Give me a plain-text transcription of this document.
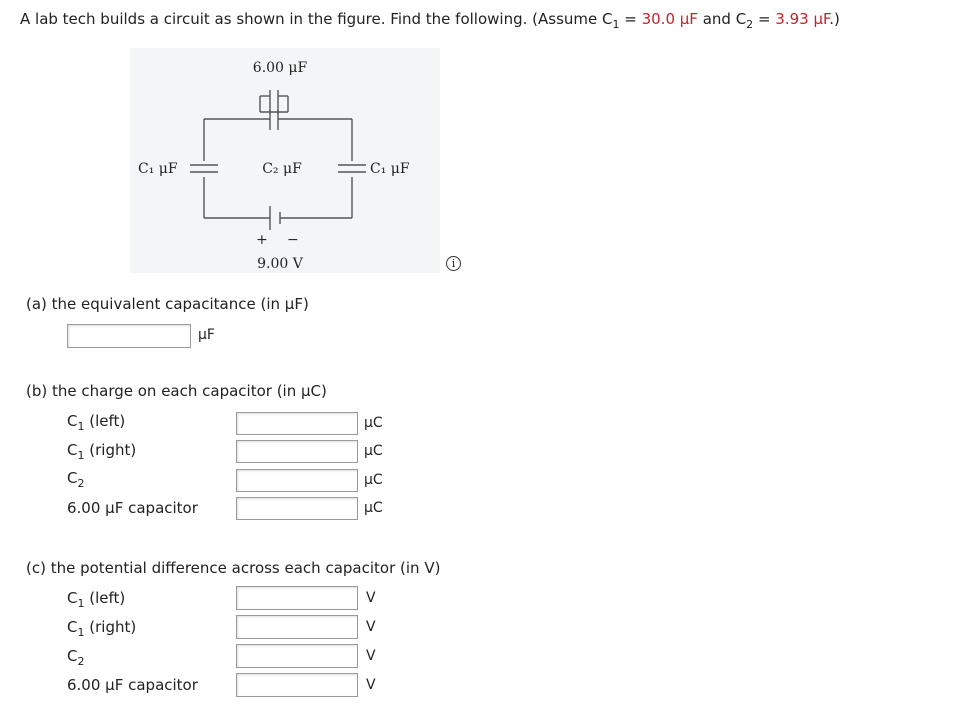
A lab tech builds a circuit as shown in the figure. Find the following. (Assume $C_1 = 30.0$ μF and $C_2 = 3.93$ μF.)
6.00 μF
C₁ μF	C₂ μF	C₁ μF
+ −
9.00 V	i
(a) the equivalent capacitance (in μF)
μF
(b) the charge on each capacitor (in μC)
$C_1$ (left)	μC
$C_1$ (right)	μC
$C_2$	μC
6.00 μF capacitor	μC
(c) the potential difference across each capacitor (in V)
$C_1$ (left)	V
$C_1$ (right)	V
$C_2$	V
6.00 μF capacitor	V
